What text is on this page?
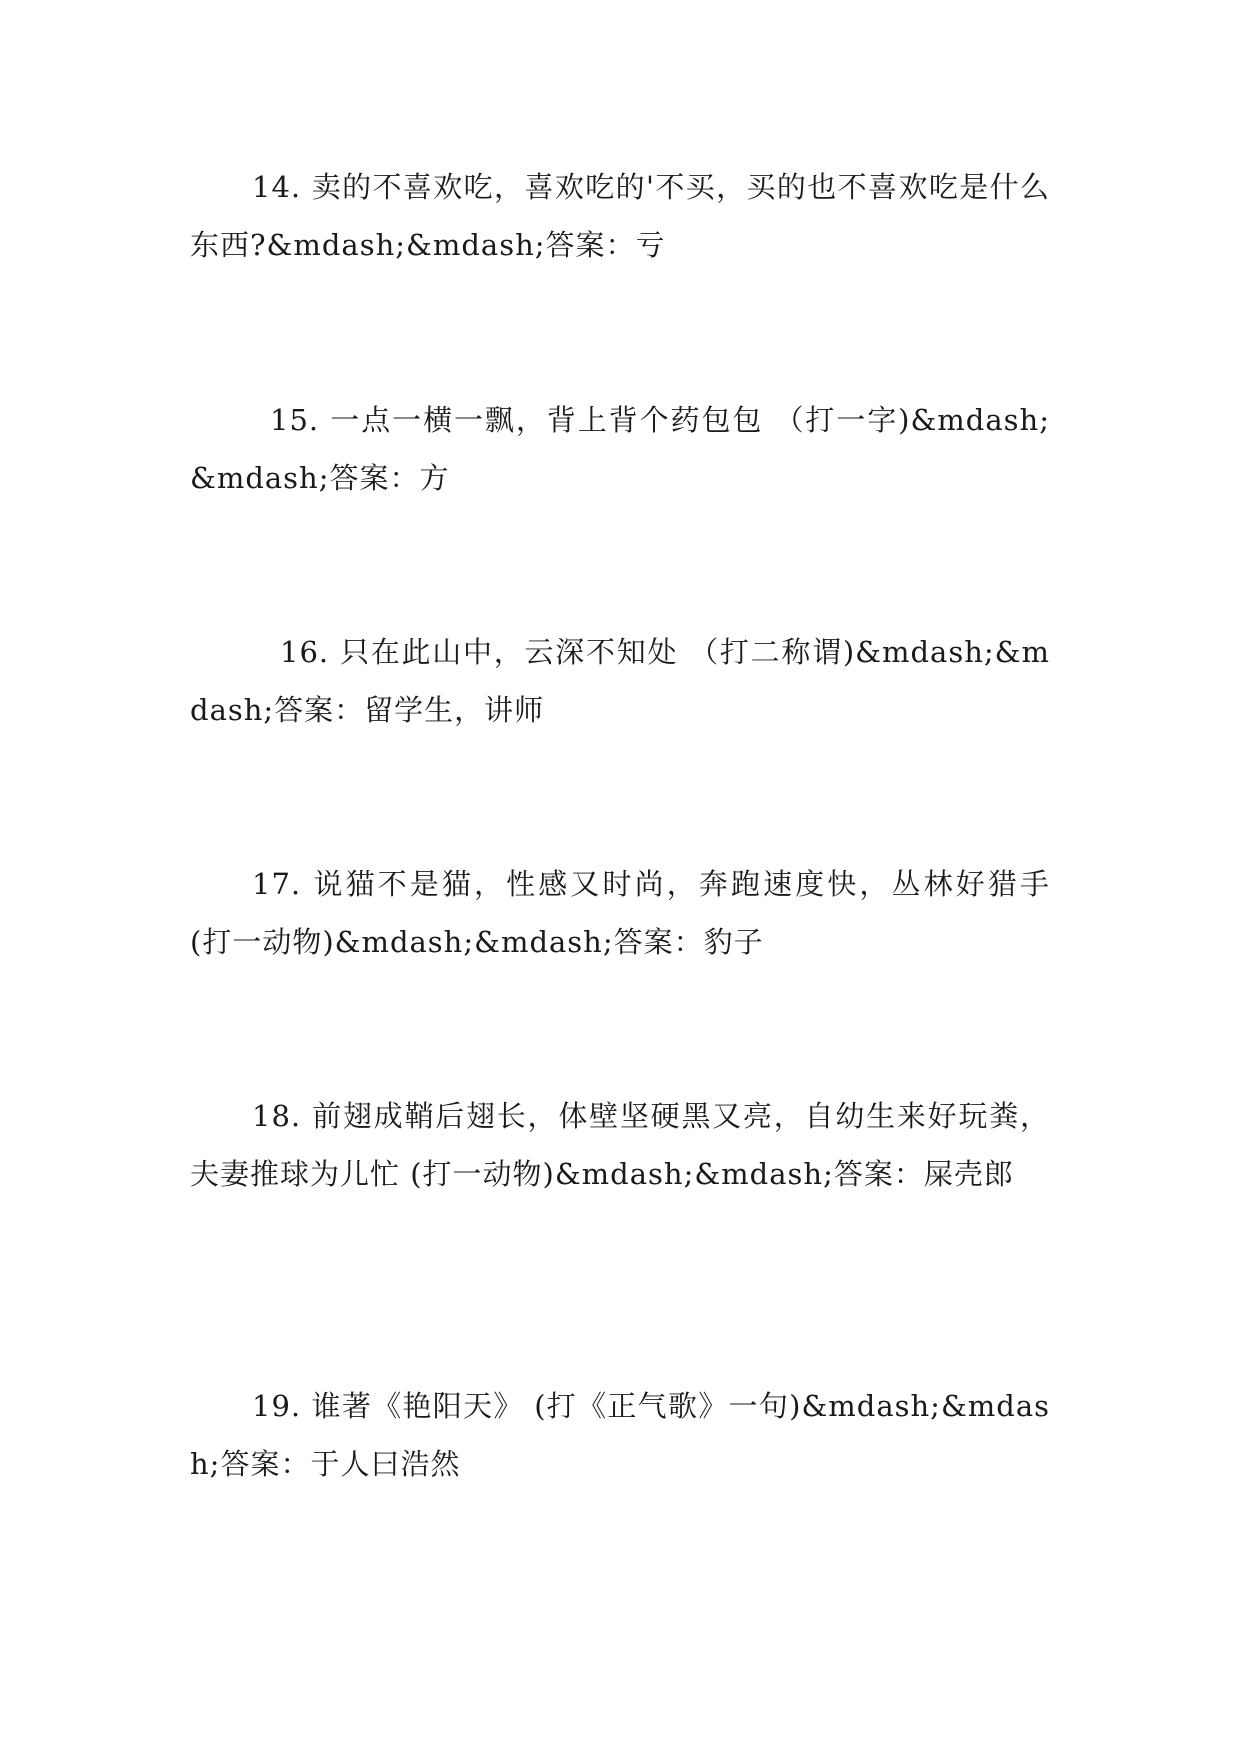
14. 卖的不喜欢吃，喜欢吃的'不买，买的也不喜欢吃是什么东西?&mdash;&mdash;答案：亏

15. 一点一横一飘，背上背个药包包 （打一字)&mdash;&mdash;答案：方

16. 只在此山中，云深不知处 （打二称谓)&mdash;&mdash;答案：留学生，讲师

17. 说猫不是猫，性感又时尚，奔跑速度快，丛林好猎手 (打一动物)&mdash;&mdash;答案：豹子

18. 前翅成鞘后翅长，体壁坚硬黑又亮，自幼生来好玩粪，夫妻推球为儿忙 (打一动物)&mdash;&mdash;答案：屎壳郎

19. 谁著《艳阳天》 (打《正气歌》一句)&mdash;&mdash;答案：于人曰浩然
